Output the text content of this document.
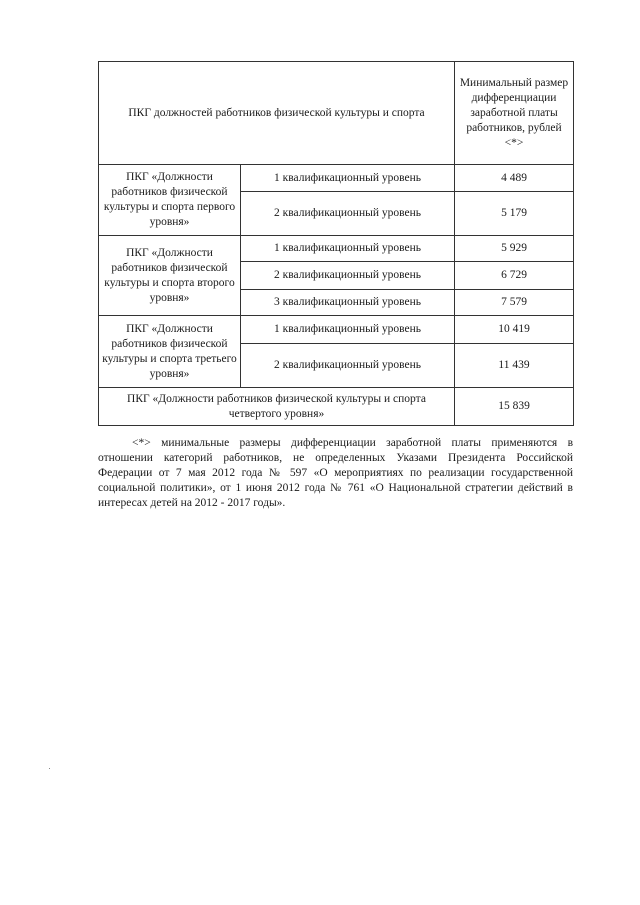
ПКГ должностей работников физической культуры и спорта		Минимальный размер дифференциации заработной платы работников, рублей <*>
ПКГ «Должности работников физической культуры и спорта первого уровня»	1 квалификационный уровень	4 489
	2 квалификационный уровень	5 179
ПКГ «Должности работников физической культуры и спорта второго уровня»	1 квалификационный уровень	5 929
	2 квалификационный уровень	6 729
	3 квалификационный уровень	7 579
ПКГ «Должности работников физической культуры и спорта третьего уровня»	1 квалификационный уровень	10 419
	2 квалификационный уровень	11 439
ПКГ «Должности работников физической культуры и спорта четвертого уровня»		15 839

<*> минимальные размеры дифференциации заработной платы применяются в отношении категорий работников, не определенных Указами Президента Российской Федерации от 7 мая 2012 года № 597 «О мероприятиях по реализации государственной социальной политики», от 1 июня 2012 года № 761 «О Национальной стратегии действий в интересах детей на 2012 - 2017 годы».
